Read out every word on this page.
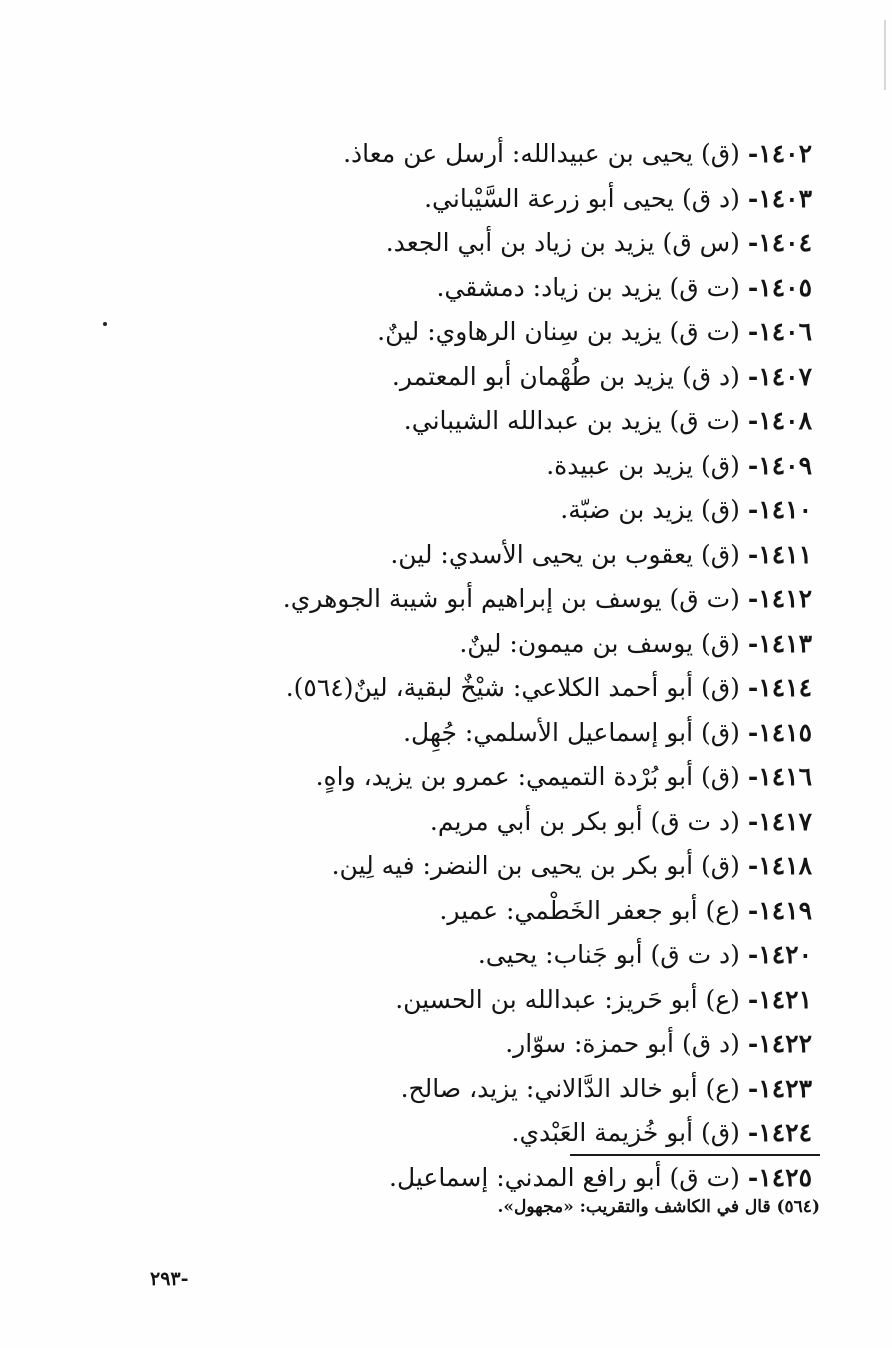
١٤٠٢- (ق) يحيى بن عبيدالله: أرسل عن معاذ.
١٤٠٣- (د ق) يحيى أبو زرعة السَّيْباني.
١٤٠٤- (س ق) يزيد بن زياد بن أبي الجعد.
١٤٠٥- (ت ق) يزيد بن زياد: دمشقي.
١٤٠٦- (ت ق) يزيد بن سِنان الرهاوي: لينٌ.
١٤٠٧- (د ق) يزيد بن طُهْمان أبو المعتمر.
١٤٠٨- (ت ق) يزيد بن عبدالله الشيباني.
١٤٠٩- (ق) يزيد بن عبيدة.
١٤١٠- (ق) يزيد بن ضبّة.
١٤١١- (ق) يعقوب بن يحيى الأسدي: لين.
١٤١٢- (ت ق) يوسف بن إبراهيم أبو شيبة الجوهري.
١٤١٣- (ق) يوسف بن ميمون: لينٌ.
١٤١٤- (ق) أبو أحمد الكلاعي: شيْخٌ لبقية، لينٌ(٥٦٤).
١٤١٥- (ق) أبو إسماعيل الأسلمي: جُهِل.
١٤١٦- (ق) أبو بُرْدة التميمي: عمرو بن يزيد، واهٍ.
١٤١٧- (د ت ق) أبو بكر بن أبي مريم.
١٤١٨- (ق) أبو بكر بن يحيى بن النضر: فيه لِين.
١٤١٩- (ع) أبو جعفر الخَطْمي: عمير.
١٤٢٠- (د ت ق) أبو جَناب: يحيى.
١٤٢١- (ع) أبو حَريز: عبدالله بن الحسين.
١٤٢٢- (د ق) أبو حمزة: سوّار.
١٤٢٣- (ع) أبو خالد الدَّالاني: يزيد، صالح.
١٤٢٤- (ق) أبو خُزيمة العَبْدي.
١٤٢٥- (ت ق) أبو رافع المدني: إسماعيل.
(٥٦٤) قال في الكاشف والتقريب: «مجهول».
-٢٩٣
